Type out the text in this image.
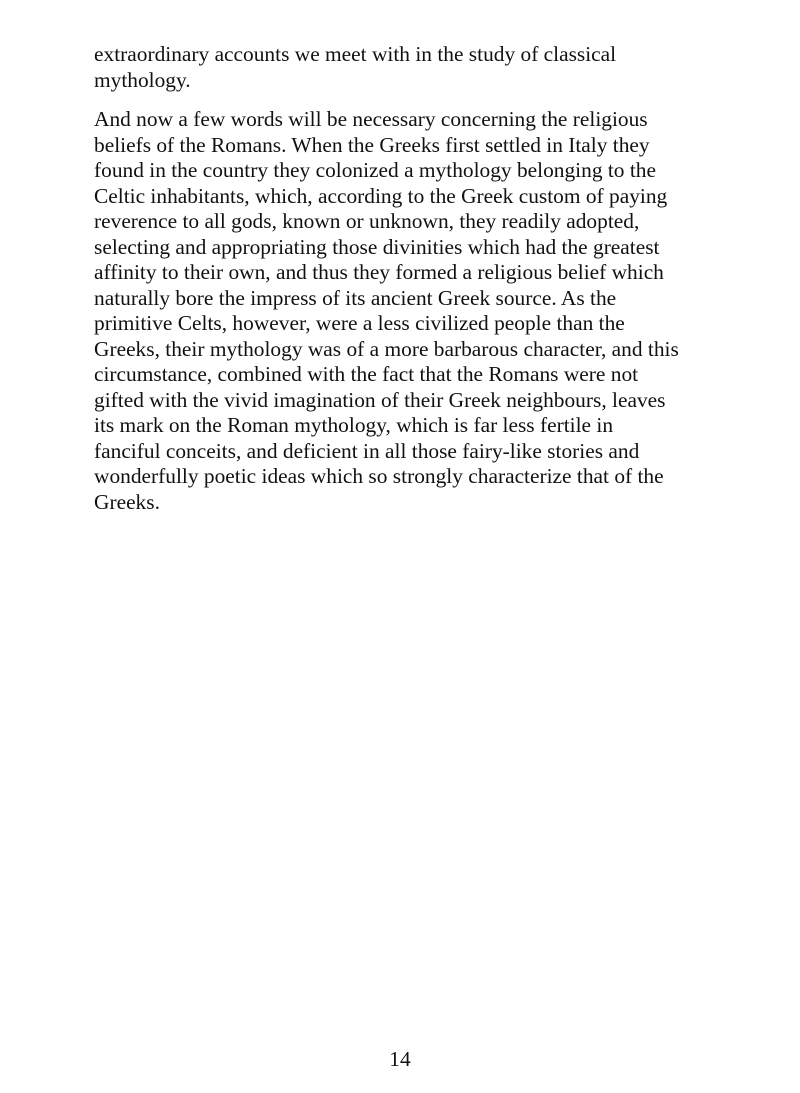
extraordinary accounts we meet with in the study of classical
mythology.

And now a few words will be necessary concerning the religious
beliefs of the Romans. When the Greeks first settled in Italy they
found in the country they colonized a mythology belonging to the
Celtic inhabitants, which, according to the Greek custom of paying
reverence to all gods, known or unknown, they readily adopted,
selecting and appropriating those divinities which had the greatest
affinity to their own, and thus they formed a religious belief which
naturally bore the impress of its ancient Greek source. As the
primitive Celts, however, were a less civilized people than the
Greeks, their mythology was of a more barbarous character, and this
circumstance, combined with the fact that the Romans were not
gifted with the vivid imagination of their Greek neighbours, leaves
its mark on the Roman mythology, which is far less fertile in
fanciful conceits, and deficient in all those fairy-like stories and
wonderfully poetic ideas which so strongly characterize that of the
Greeks.

14
